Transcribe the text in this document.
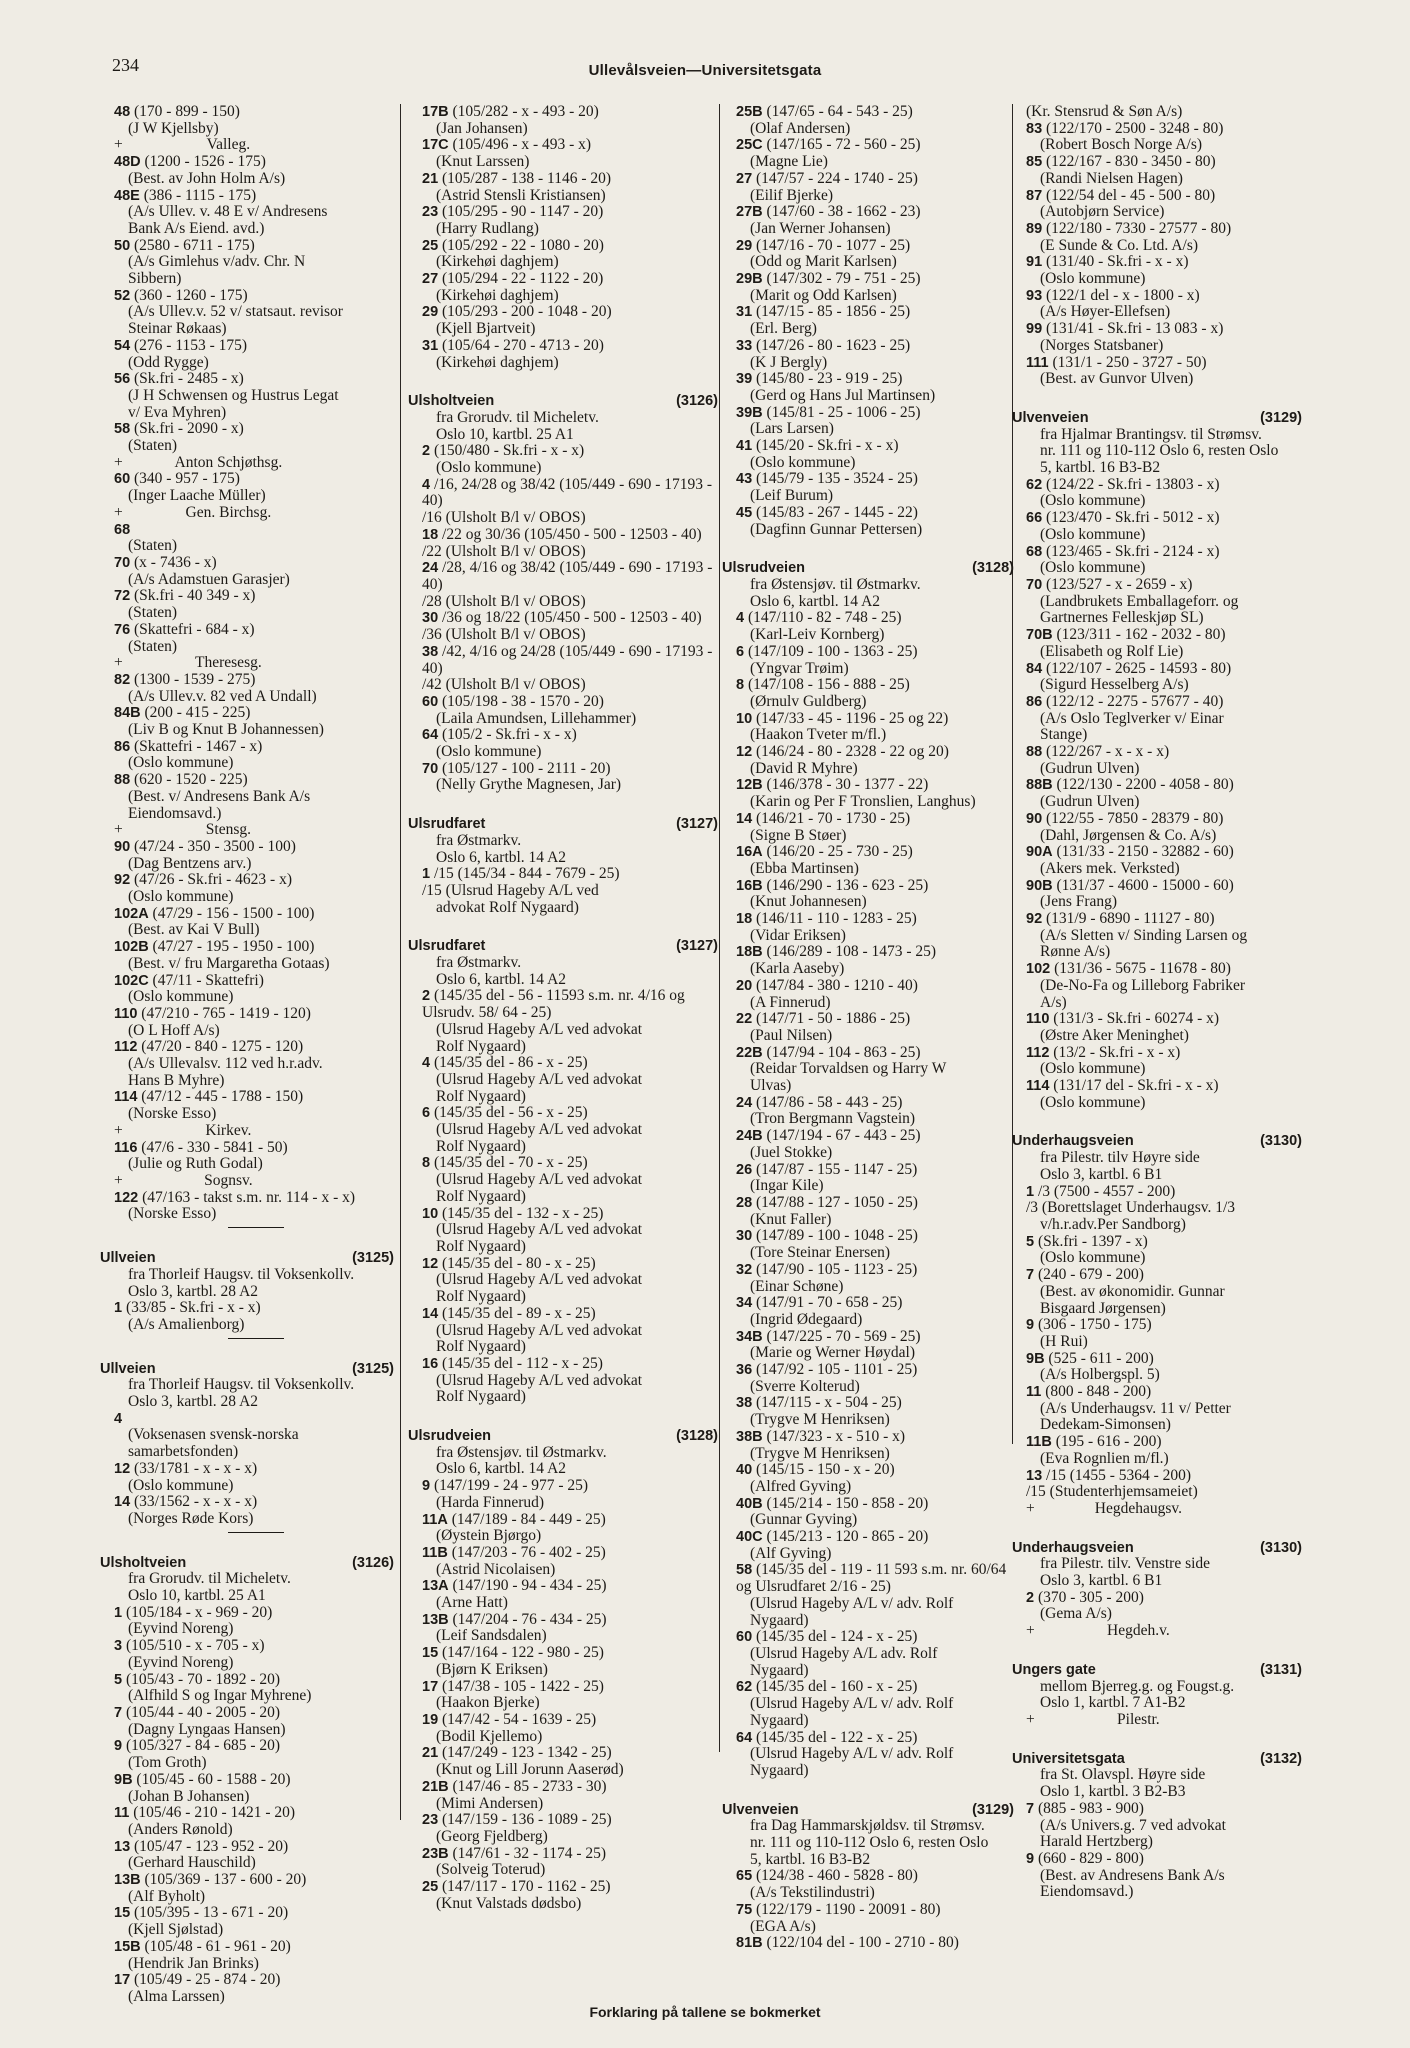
234	Ullevålsveien—Universitetsgata
48 (170 - 899 - 150)
(J W Kjellsby)
+	Valleg.
48D (1200 - 1526 - 175)
(Best. av John Holm A/s)
48E (386 - 1115 - 175)
(A/s Ullev. v. 48 E v/ Andresens
Bank A/s Eiend. avd.)
50 (2580 - 6711 - 175)
(A/s Gimlehus v/adv. Chr. N
Sibbern)
52 (360 - 1260 - 175)
(A/s Ullev.v. 52 v/ statsaut. revisor
Steinar Røkaas)
54 (276 - 1153 - 175)
(Odd Rygge)
56 (Sk.fri - 2485 - x)
(J H Schwensen og Hustrus Legat
v/ Eva Myhren)
58 (Sk.fri - 2090 - x)
(Staten)
+	Anton Schjøthsg.
60 (340 - 957 - 175)
(Inger Laache Müller)
+	Gen. Birchsg.
68
(Staten)
70 (x - 7436 - x)
(A/s Adamstuen Garasjer)
72 (Sk.fri - 40 349 - x)
(Staten)
76 (Skattefri - 684 - x)
(Staten)
+	Theresesg.
82 (1300 - 1539 - 275)
(A/s Ullev.v. 82 ved A Undall)
84B (200 - 415 - 225)
(Liv B og Knut B Johannessen)
86 (Skattefri - 1467 - x)
(Oslo kommune)
88 (620 - 1520 - 225)
(Best. v/ Andresens Bank A/s
Eiendomsavd.)
+	Stensg.
90 (47/24 - 350 - 3500 - 100)
(Dag Bentzens arv.)
92 (47/26 - Sk.fri - 4623 - x)
(Oslo kommune)
102A (47/29 - 156 - 1500 - 100)
(Best. av Kai V Bull)
102B (47/27 - 195 - 1950 - 100)
(Best. v/ fru Margaretha Gotaas)
102C (47/11 - Skattefri)
(Oslo kommune)
110 (47/210 - 765 - 1419 - 120)
(O L Hoff A/s)
112 (47/20 - 840 - 1275 - 120)
(A/s Ullevalsv. 112 ved h.r.adv.
Hans B Myhre)
114 (47/12 - 445 - 1788 - 150)
(Norske Esso)
+	Kirkev.
116 (47/6 - 330 - 5841 - 50)
(Julie og Ruth Godal)
+	Sognsv.
122 (47/163 - takst s.m. nr. 114 - x - x)
(Norske Esso)
Ullveien	(3125)
fra Thorleif Haugsv. til Voksenkollv.
Oslo 3, kartbl. 28 A2
1 (33/85 - Sk.fri - x - x)
(A/s Amalienborg)
Ullveien	(3125)
fra Thorleif Haugsv. til Voksenkollv.
Oslo 3, kartbl. 28 A2
4
(Voksenasen svensk-norska
samarbetsfonden)
12 (33/1781 - x - x - x)
(Oslo kommune)
14 (33/1562 - x - x - x)
(Norges Røde Kors)
Ulsholtveien	(3126)
fra Grorudv. til Micheletv.
Oslo 10, kartbl. 25 A1
1 (105/184 - x - 969 - 20)
(Eyvind Noreng)
3 (105/510 - x - 705 - x)
(Eyvind Noreng)
5 (105/43 - 70 - 1892 - 20)
(Alfhild S og Ingar Myhrene)
7 (105/44 - 40 - 2005 - 20)
(Dagny Lyngaas Hansen)
9 (105/327 - 84 - 685 - 20)
(Tom Groth)
9B (105/45 - 60 - 1588 - 20)
(Johan B Johansen)
11 (105/46 - 210 - 1421 - 20)
(Anders Rønold)
13 (105/47 - 123 - 952 - 20)
(Gerhard Hauschild)
13B (105/369 - 137 - 600 - 20)
(Alf Byholt)
15 (105/395 - 13 - 671 - 20)
(Kjell Sjølstad)
15B (105/48 - 61 - 961 - 20)
(Hendrik Jan Brinks)
17 (105/49 - 25 - 874 - 20)
(Alma Larssen)
17B (105/282 - x - 493 - 20)
(Jan Johansen)
17C (105/496 - x - 493 - x)
(Knut Larssen)
21 (105/287 - 138 - 1146 - 20)
(Astrid Stensli Kristiansen)
23 (105/295 - 90 - 1147 - 20)
(Harry Rudlang)
25 (105/292 - 22 - 1080 - 20)
(Kirkehøi daghjem)
27 (105/294 - 22 - 1122 - 20)
(Kirkehøi daghjem)
29 (105/293 - 200 - 1048 - 20)
(Kjell Bjartveit)
31 (105/64 - 270 - 4713 - 20)
(Kirkehøi daghjem)
Ulsholtveien	(3126)
fra Grorudv. til Micheletv.
Oslo 10, kartbl. 25 A1
2 (150/480 - Sk.fri - x - x)
(Oslo kommune)
4 /16, 24/28 og 38/42 (105/449 - 690 - 17193 - 40)
/16 (Ulsholt B/l v/ OBOS)
18 /22 og 30/36 (105/450 - 500 - 12503 - 40)
/22 (Ulsholt B/l v/ OBOS)
24 /28, 4/16 og 38/42 (105/449 - 690 - 17193 - 40)
/28 (Ulsholt B/l v/ OBOS)
30 /36 og 18/22 (105/450 - 500 - 12503 - 40)
/36 (Ulsholt B/l v/ OBOS)
38 /42, 4/16 og 24/28 (105/449 - 690 - 17193 - 40)
/42 (Ulsholt B/l v/ OBOS)
60 (105/198 - 38 - 1570 - 20)
(Laila Amundsen, Lillehammer)
64 (105/2 - Sk.fri - x - x)
(Oslo kommune)
70 (105/127 - 100 - 2111 - 20)
(Nelly Grythe Magnesen, Jar)
Ulsrudfaret	(3127)
fra Østmarkv.
Oslo 6, kartbl. 14 A2
1 /15 (145/34 - 844 - 7679 - 25)
/15 (Ulsrud Hageby A/L ved
advokat Rolf Nygaard)
Ulsrudfaret	(3127)
fra Østmarkv.
Oslo 6, kartbl. 14 A2
2 (145/35 del - 56 - 11593 s.m. nr. 4/16 og Ulsrudv. 58/ 64 - 25)
(Ulsrud Hageby A/L ved advokat
Rolf Nygaard)
4 (145/35 del - 86 - x - 25)
(Ulsrud Hageby A/L ved advokat
Rolf Nygaard)
6 (145/35 del - 56 - x - 25)
(Ulsrud Hageby A/L ved advokat
Rolf Nygaard)
8 (145/35 del - 70 - x - 25)
(Ulsrud Hageby A/L ved advokat
Rolf Nygaard)
10 (145/35 del - 132 - x - 25)
(Ulsrud Hageby A/L ved advokat
Rolf Nygaard)
12 (145/35 del - 80 - x - 25)
(Ulsrud Hageby A/L ved advokat
Rolf Nygaard)
14 (145/35 del - 89 - x - 25)
(Ulsrud Hageby A/L ved advokat
Rolf Nygaard)
16 (145/35 del - 112 - x - 25)
(Ulsrud Hageby A/L ved advokat
Rolf Nygaard)
Ulsrudveien	(3128)
fra Østensjøv. til Østmarkv.
Oslo 6, kartbl. 14 A2
9 (147/199 - 24 - 977 - 25)
(Harda Finnerud)
11A (147/189 - 84 - 449 - 25)
(Øystein Bjørgo)
11B (147/203 - 76 - 402 - 25)
(Astrid Nicolaisen)
13A (147/190 - 94 - 434 - 25)
(Arne Hatt)
13B (147/204 - 76 - 434 - 25)
(Leif Sandsdalen)
15 (147/164 - 122 - 980 - 25)
(Bjørn K Eriksen)
17 (147/38 - 105 - 1422 - 25)
(Haakon Bjerke)
19 (147/42 - 54 - 1639 - 25)
(Bodil Kjellemo)
21 (147/249 - 123 - 1342 - 25)
(Knut og Lill Jorunn Aaserød)
21B (147/46 - 85 - 2733 - 30)
(Mimi Andersen)
23 (147/159 - 136 - 1089 - 25)
(Georg Fjeldberg)
23B (147/61 - 32 - 1174 - 25)
(Solveig Toterud)
25 (147/117 - 170 - 1162 - 25)
(Knut Valstads dødsbo)
25B (147/65 - 64 - 543 - 25)
(Olaf Andersen)
25C (147/165 - 72 - 560 - 25)
(Magne Lie)
27 (147/57 - 224 - 1740 - 25)
(Eilif Bjerke)
27B (147/60 - 38 - 1662 - 23)
(Jan Werner Johansen)
29 (147/16 - 70 - 1077 - 25)
(Odd og Marit Karlsen)
29B (147/302 - 79 - 751 - 25)
(Marit og Odd Karlsen)
31 (147/15 - 85 - 1856 - 25)
(Erl. Berg)
33 (147/26 - 80 - 1623 - 25)
(K J Bergly)
39 (145/80 - 23 - 919 - 25)
(Gerd og Hans Jul Martinsen)
39B (145/81 - 25 - 1006 - 25)
(Lars Larsen)
41 (145/20 - Sk.fri - x - x)
(Oslo kommune)
43 (145/79 - 135 - 3524 - 25)
(Leif Burum)
45 (145/83 - 267 - 1445 - 22)
(Dagfinn Gunnar Pettersen)
Ulsrudveien	(3128)
fra Østensjøv. til Østmarkv.
Oslo 6, kartbl. 14 A2
4 (147/110 - 82 - 748 - 25)
(Karl-Leiv Kornberg)
6 (147/109 - 100 - 1363 - 25)
(Yngvar Trøim)
8 (147/108 - 156 - 888 - 25)
(Ørnulv Guldberg)
10 (147/33 - 45 - 1196 - 25 og 22)
(Haakon Tveter m/fl.)
12 (146/24 - 80 - 2328 - 22 og 20)
(David R Myhre)
12B (146/378 - 30 - 1377 - 22)
(Karin og Per F Tronslien, Langhus)
14 (146/21 - 70 - 1730 - 25)
(Signe B Støer)
16A (146/20 - 25 - 730 - 25)
(Ebba Martinsen)
16B (146/290 - 136 - 623 - 25)
(Knut Johannesen)
18 (146/11 - 110 - 1283 - 25)
(Vidar Eriksen)
18B (146/289 - 108 - 1473 - 25)
(Karla Aaseby)
20 (147/84 - 380 - 1210 - 40)
(A Finnerud)
22 (147/71 - 50 - 1886 - 25)
(Paul Nilsen)
22B (147/94 - 104 - 863 - 25)
(Reidar Torvaldsen og Harry W
Ulvas)
24 (147/86 - 58 - 443 - 25)
(Tron Bergmann Vagstein)
24B (147/194 - 67 - 443 - 25)
(Juel Stokke)
26 (147/87 - 155 - 1147 - 25)
(Ingar Kile)
28 (147/88 - 127 - 1050 - 25)
(Knut Faller)
30 (147/89 - 100 - 1048 - 25)
(Tore Steinar Enersen)
32 (147/90 - 105 - 1123 - 25)
(Einar Schøne)
34 (147/91 - 70 - 658 - 25)
(Ingrid Ødegaard)
34B (147/225 - 70 - 569 - 25)
(Marie og Werner Høydal)
36 (147/92 - 105 - 1101 - 25)
(Sverre Kolterud)
38 (147/115 - x - 504 - 25)
(Trygve M Henriksen)
38B (147/323 - x - 510 - x)
(Trygve M Henriksen)
40 (145/15 - 150 - x - 20)
(Alfred Gyving)
40B (145/214 - 150 - 858 - 20)
(Gunnar Gyving)
40C (145/213 - 120 - 865 - 20)
(Alf Gyving)
58 (145/35 del - 119 - 11 593 s.m. nr. 60/64 og Ulsrudfaret 2/16 - 25)
(Ulsrud Hageby A/L v/ adv. Rolf
Nygaard)
60 (145/35 del - 124 - x - 25)
(Ulsrud Hageby A/L adv. Rolf
Nygaard)
62 (145/35 del - 160 - x - 25)
(Ulsrud Hageby A/L v/ adv. Rolf
Nygaard)
64 (145/35 del - 122 - x - 25)
(Ulsrud Hageby A/L v/ adv. Rolf
Nygaard)
Ulvenveien	(3129)
fra Dag Hammarskjøldsv. til Strømsv.
nr. 111 og 110-112 Oslo 6, resten Oslo
5, kartbl. 16 B3-B2
65 (124/38 - 460 - 5828 - 80)
(A/s Tekstilindustri)
75 (122/179 - 1190 - 20091 - 80)
(EGA A/s)
81B (122/104 del - 100 - 2710 - 80)
(Kr. Stensrud & Søn A/s)
83 (122/170 - 2500 - 3248 - 80)
(Robert Bosch Norge A/s)
85 (122/167 - 830 - 3450 - 80)
(Randi Nielsen Hagen)
87 (122/54 del - 45 - 500 - 80)
(Autobjørn Service)
89 (122/180 - 7330 - 27577 - 80)
(E Sunde & Co. Ltd. A/s)
91 (131/40 - Sk.fri - x - x)
(Oslo kommune)
93 (122/1 del - x - 1800 - x)
(A/s Høyer-Ellefsen)
99 (131/41 - Sk.fri - 13 083 - x)
(Norges Statsbaner)
111 (131/1 - 250 - 3727 - 50)
(Best. av Gunvor Ulven)
Ulvenveien	(3129)
fra Hjalmar Brantingsv. til Strømsv.
nr. 111 og 110-112 Oslo 6, resten Oslo
5, kartbl. 16 B3-B2
62 (124/22 - Sk.fri - 13803 - x)
(Oslo kommune)
66 (123/470 - Sk.fri - 5012 - x)
(Oslo kommune)
68 (123/465 - Sk.fri - 2124 - x)
(Oslo kommune)
70 (123/527 - x - 2659 - x)
(Landbrukets Emballageforr. og
Gartnernes Felleskjøp SL)
70B (123/311 - 162 - 2032 - 80)
(Elisabeth og Rolf Lie)
84 (122/107 - 2625 - 14593 - 80)
(Sigurd Hesselberg A/s)
86 (122/12 - 2275 - 57677 - 40)
(A/s Oslo Teglverker v/ Einar
Stange)
88 (122/267 - x - x - x)
(Gudrun Ulven)
88B (122/130 - 2200 - 4058 - 80)
(Gudrun Ulven)
90 (122/55 - 7850 - 28379 - 80)
(Dahl, Jørgensen & Co. A/s)
90A (131/33 - 2150 - 32882 - 60)
(Akers mek. Verksted)
90B (131/37 - 4600 - 15000 - 60)
(Jens Frang)
92 (131/9 - 6890 - 11127 - 80)
(A/s Sletten v/ Sinding Larsen og
Rønne A/s)
102 (131/36 - 5675 - 11678 - 80)
(De-No-Fa og Lilleborg Fabriker
A/s)
110 (131/3 - Sk.fri - 60274 - x)
(Østre Aker Meninghet)
112 (13/2 - Sk.fri - x - x)
(Oslo kommune)
114 (131/17 del - Sk.fri - x - x)
(Oslo kommune)
Underhaugsveien	(3130)
fra Pilestr. tilv Høyre side
Oslo 3, kartbl. 6 B1
1 /3 (7500 - 4557 - 200)
/3 (Borettslaget Underhaugsv. 1/3
v/h.r.adv.Per Sandborg)
5 (Sk.fri - 1397 - x)
(Oslo kommune)
7 (240 - 679 - 200)
(Best. av økonomidir. Gunnar
Bisgaard Jørgensen)
9 (306 - 1750 - 175)
(H Rui)
9B (525 - 611 - 200)
(A/s Holbergspl. 5)
11 (800 - 848 - 200)
(A/s Underhaugsv. 11 v/ Petter
Dedekam-Simonsen)
11B (195 - 616 - 200)
(Eva Rognlien m/fl.)
13 /15 (1455 - 5364 - 200)
/15 (Studenterhjemsameiet)
+	Hegdehaugsv.
Underhaugsveien	(3130)
fra Pilestr. tilv. Venstre side
Oslo 3, kartbl. 6 B1
2 (370 - 305 - 200)
(Gema A/s)
+	Hegdeh.v.
Ungers gate	(3131)
mellom Bjerreg.g. og Fougst.g.
Oslo 1, kartbl. 7 A1-B2
+	Pilestr.
Universitetsgata	(3132)
fra St. Olavspl. Høyre side
Oslo 1, kartbl. 3 B2-B3
7 (885 - 983 - 900)
(A/s Univers.g. 7 ved advokat
Harald Hertzberg)
9 (660 - 829 - 800)
(Best. av Andresens Bank A/s
Eiendomsavd.)
Forklaring på tallene se bokmerket
